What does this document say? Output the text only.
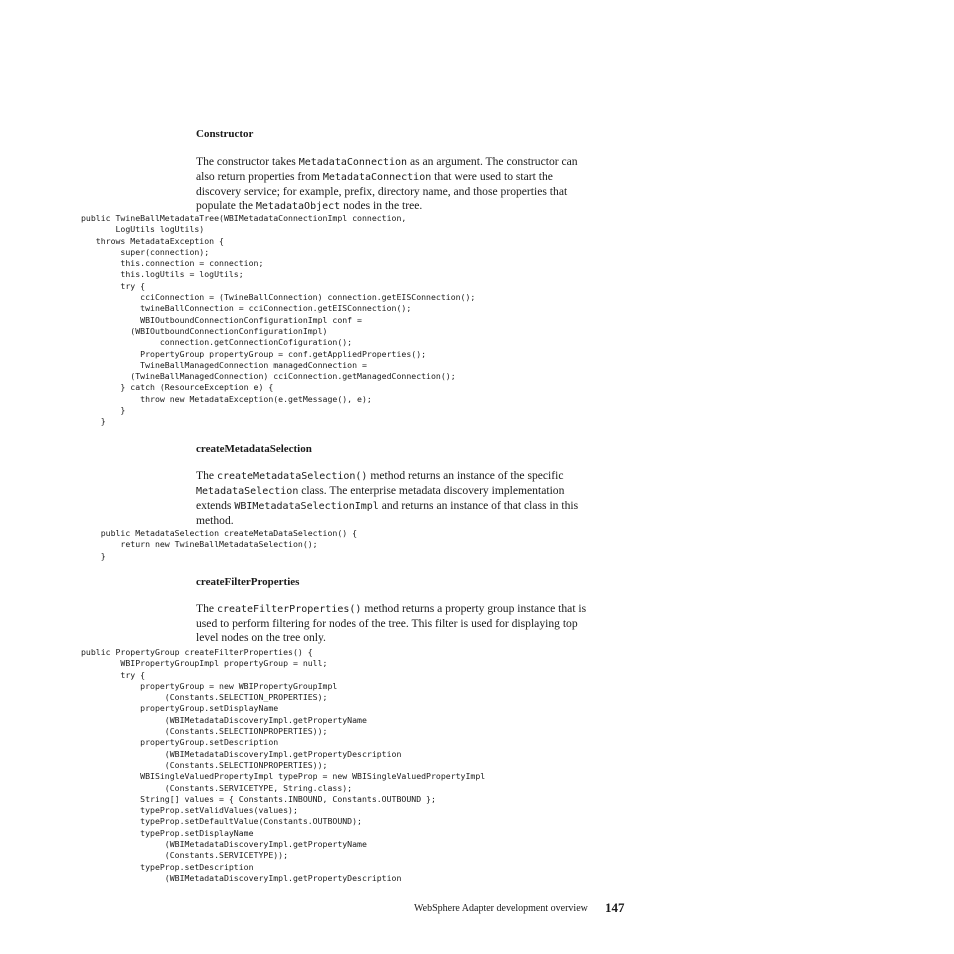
Constructor
The constructor takes MetadataConnection as an argument. The constructor can
also return properties from MetadataConnection that were used to start the
discovery service; for example, prefix, directory name, and those properties that
populate the MetadataObject nodes in the tree.
public TwineBallMetadataTree(WBIMetadataConnectionImpl connection,
LogUtils logUtils)
throws MetadataException {
super(connection);
this.connection = connection;
this.logUtils = logUtils;
try {
cciConnection = (TwineBallConnection) connection.getEISConnection();
twineBallConnection = cciConnection.getEISConnection();
WBIOutboundConnectionConfigurationImpl conf =
(WBIOutboundConnectionConfigurationImpl)
connection.getConnectionCofiguration();
PropertyGroup propertyGroup = conf.getAppliedProperties();
TwineBallManagedConnection managedConnection =
(TwineBallManagedConnection) cciConnection.getManagedConnection();
} catch (ResourceException e) {
throw new MetadataException(e.getMessage(), e);
}
}
createMetadataSelection
The createMetadataSelection() method returns an instance of the specific
MetadataSelection class. The enterprise metadata discovery implementation
extends WBIMetadataSelectionImpl and returns an instance of that class in this
method.
public MetadataSelection createMetaDataSelection() {
return new TwineBallMetadataSelection();
}
createFilterProperties
The createFilterProperties() method returns a property group instance that is
used to perform filtering for nodes of the tree. This filter is used for displaying top
level nodes on the tree only.
public PropertyGroup createFilterProperties() {
WBIPropertyGroupImpl propertyGroup = null;
try {
propertyGroup = new WBIPropertyGroupImpl
(Constants.SELECTION_PROPERTIES);
propertyGroup.setDisplayName
(WBIMetadataDiscoveryImpl.getPropertyName
(Constants.SELECTIONPROPERTIES));
propertyGroup.setDescription
(WBIMetadataDiscoveryImpl.getPropertyDescription
(Constants.SELECTIONPROPERTIES));
WBISingleValuedPropertyImpl typeProp = new WBISingleValuedPropertyImpl
(Constants.SERVICETYPE, String.class);
String[] values = { Constants.INBOUND, Constants.OUTBOUND };
typeProp.setValidValues(values);
typeProp.setDefaultValue(Constants.OUTBOUND);
typeProp.setDisplayName
(WBIMetadataDiscoveryImpl.getPropertyName
(Constants.SERVICETYPE));
typeProp.setDescription
(WBIMetadataDiscoveryImpl.getPropertyDescription
WebSphere Adapter development overview 147
